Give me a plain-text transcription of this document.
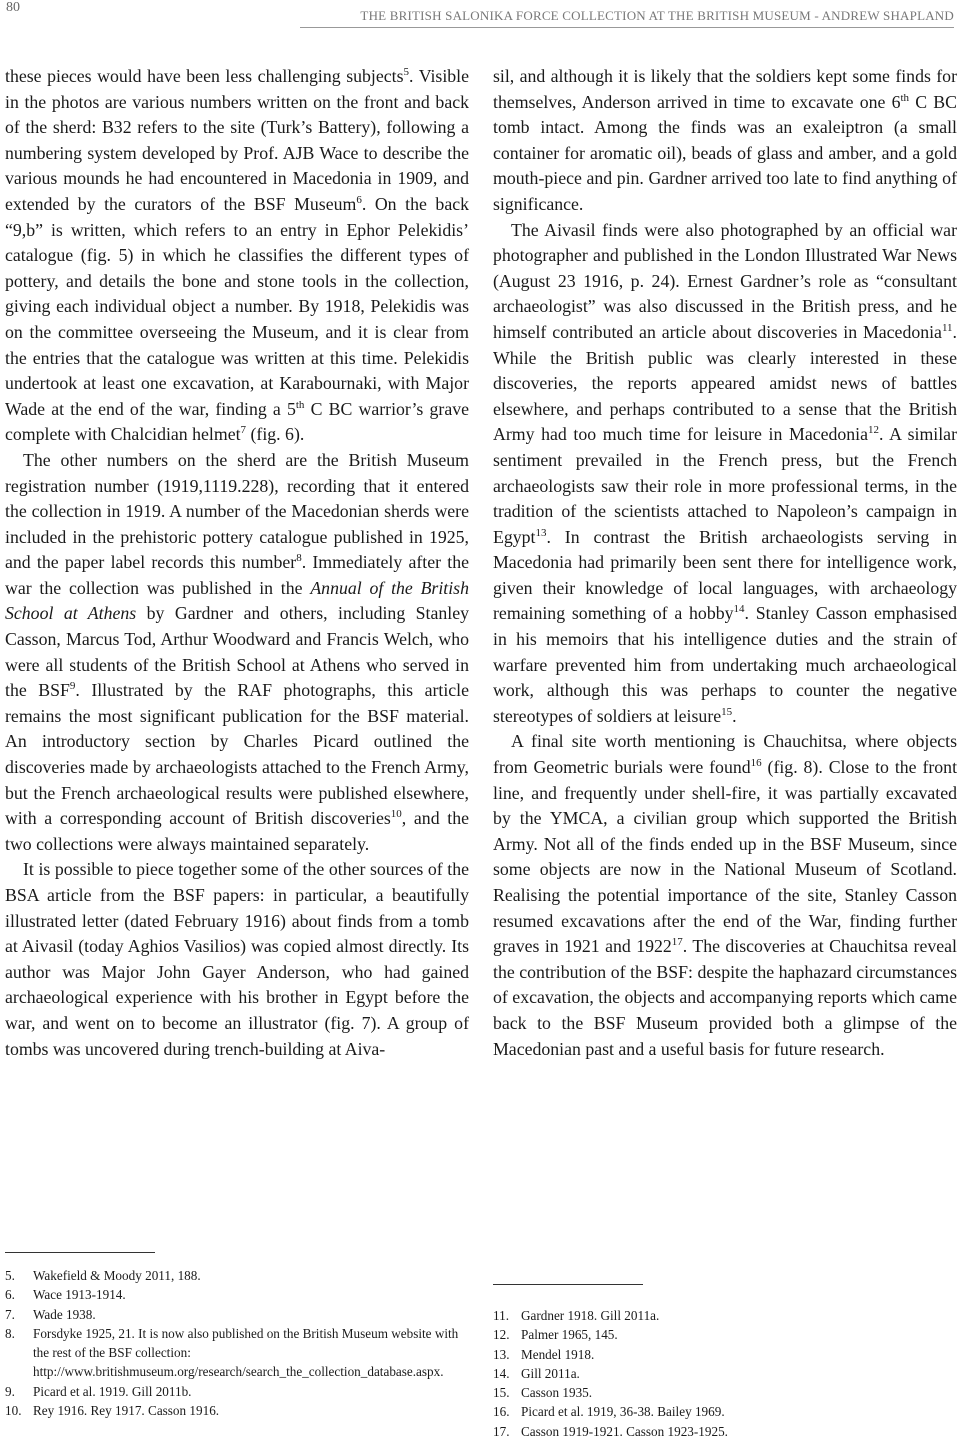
80
THE BRITISH SALONIKA FORCE COLLECTION AT THE BRITISH MUSEUM - ANDREW SHAPLAND

these pieces would have been less challenging subjects$^5$. Visible in the photos are various numbers written on the front and back of the sherd: B32 refers to the site (Turk’s Battery), following a numbering system developed by Prof. AJB Wace to describe the various mounds he had encountered in Macedonia in 1909, and extended by the curators of the BSF Museum$^6$. On the back “9,b” is written, which refers to an entry in Ephor Pelekidis’ catalogue (fig. 5) in which he classifies the different types of pottery, and details the bone and stone tools in the collection, giving each individual object a number. By 1918, Pelekidis was on the committee overseeing the Museum, and it is clear from the entries that the catalogue was written at this time. Pelekidis undertook at least one excavation, at Karabournaki, with Major Wade at the end of the war, finding a 5th C BC warrior’s grave complete with Chalcidian helmet$^7$ (fig. 6).

The other numbers on the sherd are the British Museum registration number (1919,1119.228), recording that it entered the collection in 1919. A number of the Macedonian sherds were included in the prehistoric pottery catalogue published in 1925, and the paper label records this number$^8$. Immediately after the war the collection was published in the Annual of the British School at Athens by Gardner and others, including Stanley Casson, Marcus Tod, Arthur Woodward and Francis Welch, who were all students of the British School at Athens who served in the BSF$^9$. Illustrated by the RAF photographs, this article remains the most significant publication for the BSF material. An introductory section by Charles Picard outlined the discoveries made by archaeologists attached to the French Army, but the French archaeological results were published elsewhere, with a corresponding account of British discoveries$^{10}$, and the two collections were always maintained separately.

It is possible to piece together some of the other sources of the BSA article from the BSF papers: in particular, a beautifully illustrated letter (dated February 1916) about finds from a tomb at Aivasil (today Aghios Vasilios) was copied almost directly. Its author was Major John Gayer Anderson, who had gained archaeological experience with his brother in Egypt before the war, and went on to become an illustrator (fig. 7). A group of tombs was uncovered during trench-building at Aiva-

sil, and although it is likely that the soldiers kept some finds for themselves, Anderson arrived in time to excavate one 6th C BC tomb intact. Among the finds was an exaleiptron (a small container for aromatic oil), beads of glass and amber, and a gold mouth-piece and pin. Gardner arrived too late to find anything of significance.

The Aivasil finds were also photographed by an official war photographer and published in the London Illustrated War News (August 23 1916, p. 24). Ernest Gardner’s role as “consultant archaeologist” was also discussed in the British press, and he himself contributed an article about discoveries in Macedonia$^{11}$. While the British public was clearly interested in these discoveries, the reports appeared amidst news of battles elsewhere, and perhaps contributed to a sense that the British Army had too much time for leisure in Macedonia$^{12}$. A similar sentiment prevailed in the French press, but the French archaeologists saw their role in more professional terms, in the tradition of the scientists attached to Napoleon’s campaign in Egypt$^{13}$. In contrast the British archaeologists serving in Macedonia had primarily been sent there for intelligence work, given their knowledge of local languages, with archaeology remaining something of a hobby$^{14}$. Stanley Casson emphasised in his memoirs that his intelligence duties and the strain of warfare prevented him from undertaking much archaeological work, although this was perhaps to counter the negative stereotypes of soldiers at leisure$^{15}$.

A final site worth mentioning is Chauchitsa, where objects from Geometric burials were found$^{16}$ (fig. 8). Close to the front line, and frequently under shell-fire, it was partially excavated by the YMCA, a civilian group which supported the British Army. Not all of the finds ended up in the BSF Museum, since some objects are now in the National Museum of Scotland. Realising the potential importance of the site, Stanley Casson resumed excavations after the end of the War, finding further graves in 1921 and 1922$^{17}$. The discoveries at Chauchitsa reveal the contribution of the BSF: despite the haphazard circumstances of excavation, the objects and accompanying reports which came back to the BSF Museum provided both a glimpse of the Macedonian past and a useful basis for future research.

5.	Wakefield & Moody 2011, 188.
6.	Wace 1913-1914.
7.	Wade 1938.
8.	Forsdyke 1925, 21. It is now also published on the British Museum website with the rest of the BSF collection: http://www.britishmuseum.org/research/search_the_collection_database.aspx.
9.	Picard et al. 1919. Gill 2011b.
10. Rey 1916. Rey 1917. Casson 1916.
11. Gardner 1918. Gill 2011a.
12. Palmer 1965, 145.
13. Mendel 1918.
14. Gill 2011a.
15. Casson 1935.
16. Picard et al. 1919, 36-38. Bailey 1969.
17. Casson 1919-1921. Casson 1923-1925.
